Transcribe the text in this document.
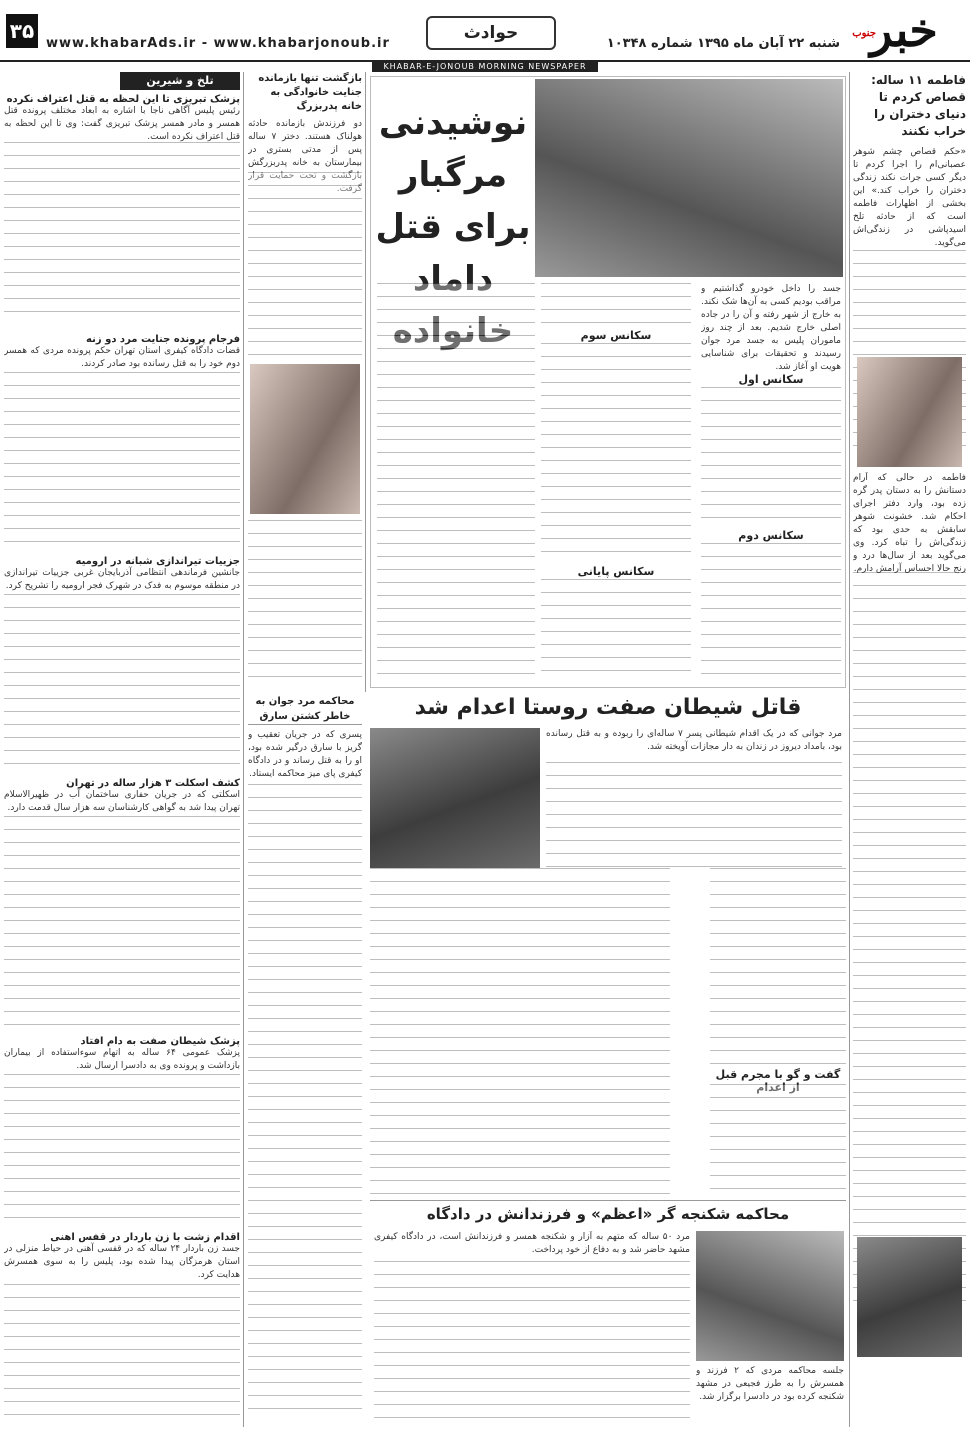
خبر
جنوب
شنبه ۲۲ آبان ماه ۱۳۹۵ شماره ۱۰۳۴۸
حوادث
www.khabarAds.ir - www.khabarjonoub.ir
۳۵
KHABAR-E-JONOUB MORNING NEWSPAPER
فاطمه ۱۱ ساله: قصاص کردم تا دنیای دختران را خراب نکنند
«حکم قصاص چشم شوهر عصبانی‌ام را اجرا کردم تا دیگر کسی جرات نکند زندگی دختران را خراب کند.» این بخشی از اظهارات فاطمه است که از حادثه تلخ اسیدپاشی در زندگی‌اش می‌گوید.
فاطمه در حالی که آرام دستانش را به دستان پدر گره زده بود، وارد دفتر اجرای احکام شد. خشونت شوهر سابقش به حدی بود که زندگی‌اش را تباه کرد. وی می‌گوید بعد از سال‌ها درد و رنج حالا احساس آرامش دارم.
نوشیدنی مرگبار برای قتل داماد خانواده
جسد را داخل خودرو گذاشتیم و مراقب بودیم کسی به آن‌ها شک نکند. به خارج از شهر رفته و آن را در جاده اصلی خارج شدیم. بعد از چند روز ماموران پلیس به جسد مرد جوان رسیدند و تحقیقات برای شناسایی هویت او آغاز شد.
سکانس اول
سکانس دوم
سکانس سوم
سکانس پایانی
بازگشت تنها بازمانده جنایت خانوادگی به خانه پدربزرگ
دو فرزندش بازمانده حادثه هولناک هستند. دختر ۷ ساله پس از مدتی بستری در بیمارستان به خانه پدربزرگش بازگشت و تحت حمایت قرار گرفت.
محاکمه مرد جوان به خاطر کشتن سارق
پسری که در جریان تعقیب و گریز با سارق درگیر شده بود، او را به قتل رساند و در دادگاه کیفری پای میز محاکمه ایستاد.
قاتل شیطان صفت روستا اعدام شد
مرد جوانی که در یک اقدام شیطانی پسر ۷ ساله‌ای را ربوده و به قتل رسانده بود، بامداد دیروز در زندان به دار مجازات آویخته شد.
گفت و گو با مجرم قبل از اعدام
محاکمه شکنجه گر «اعظم» و فرزندانش در دادگاه
جلسه محاکمه مردی که ۲ فرزند و همسرش را به طرز فجیعی در مشهد شکنجه کرده بود در دادسرا برگزار شد.
مرد ۵۰ ساله که متهم به آزار و شکنجه همسر و فرزندانش است، در دادگاه کیفری مشهد حاضر شد و به دفاع از خود پرداخت.
تلخ و شیرین
پزشک تبریزی تا این لحظه به قتل اعتراف نکرده
رئیس پلیس آگاهی ناجا با اشاره به ابعاد مختلف پرونده قتل همسر و مادر همسر پزشک تبریزی گفت: وی تا این لحظه به قتل اعتراف نکرده است.
فرجام پرونده جنایت مرد دو زنه
قضات دادگاه کیفری استان تهران حکم پرونده مردی که همسر دوم خود را به قتل رسانده بود صادر کردند.
جزییات تیراندازی شبانه در ارومیه
جانشین فرماندهی انتظامی آذربایجان غربی جزییات تیراندازی در منطقه موسوم به فدک در شهرک فجر ارومیه را تشریح کرد.
کشف اسکلت ۳ هزار ساله در تهران
اسکلتی که در جریان حفاری ساختمان آب در ظهیرالاسلام تهران پیدا شد به گواهی کارشناسان سه هزار سال قدمت دارد.
پزشک شیطان صفت به دام افتاد
پزشک عمومی ۶۴ ساله به اتهام سوءاستفاده از بیماران بازداشت و پرونده وی به دادسرا ارسال شد.
اقدام زشت با زن باردار در قفس آهنی
جسد زن باردار ۲۴ ساله که در قفسی آهنی در حیاط منزلی در استان هرمزگان پیدا شده بود، پلیس را به سوی همسرش هدایت کرد.
